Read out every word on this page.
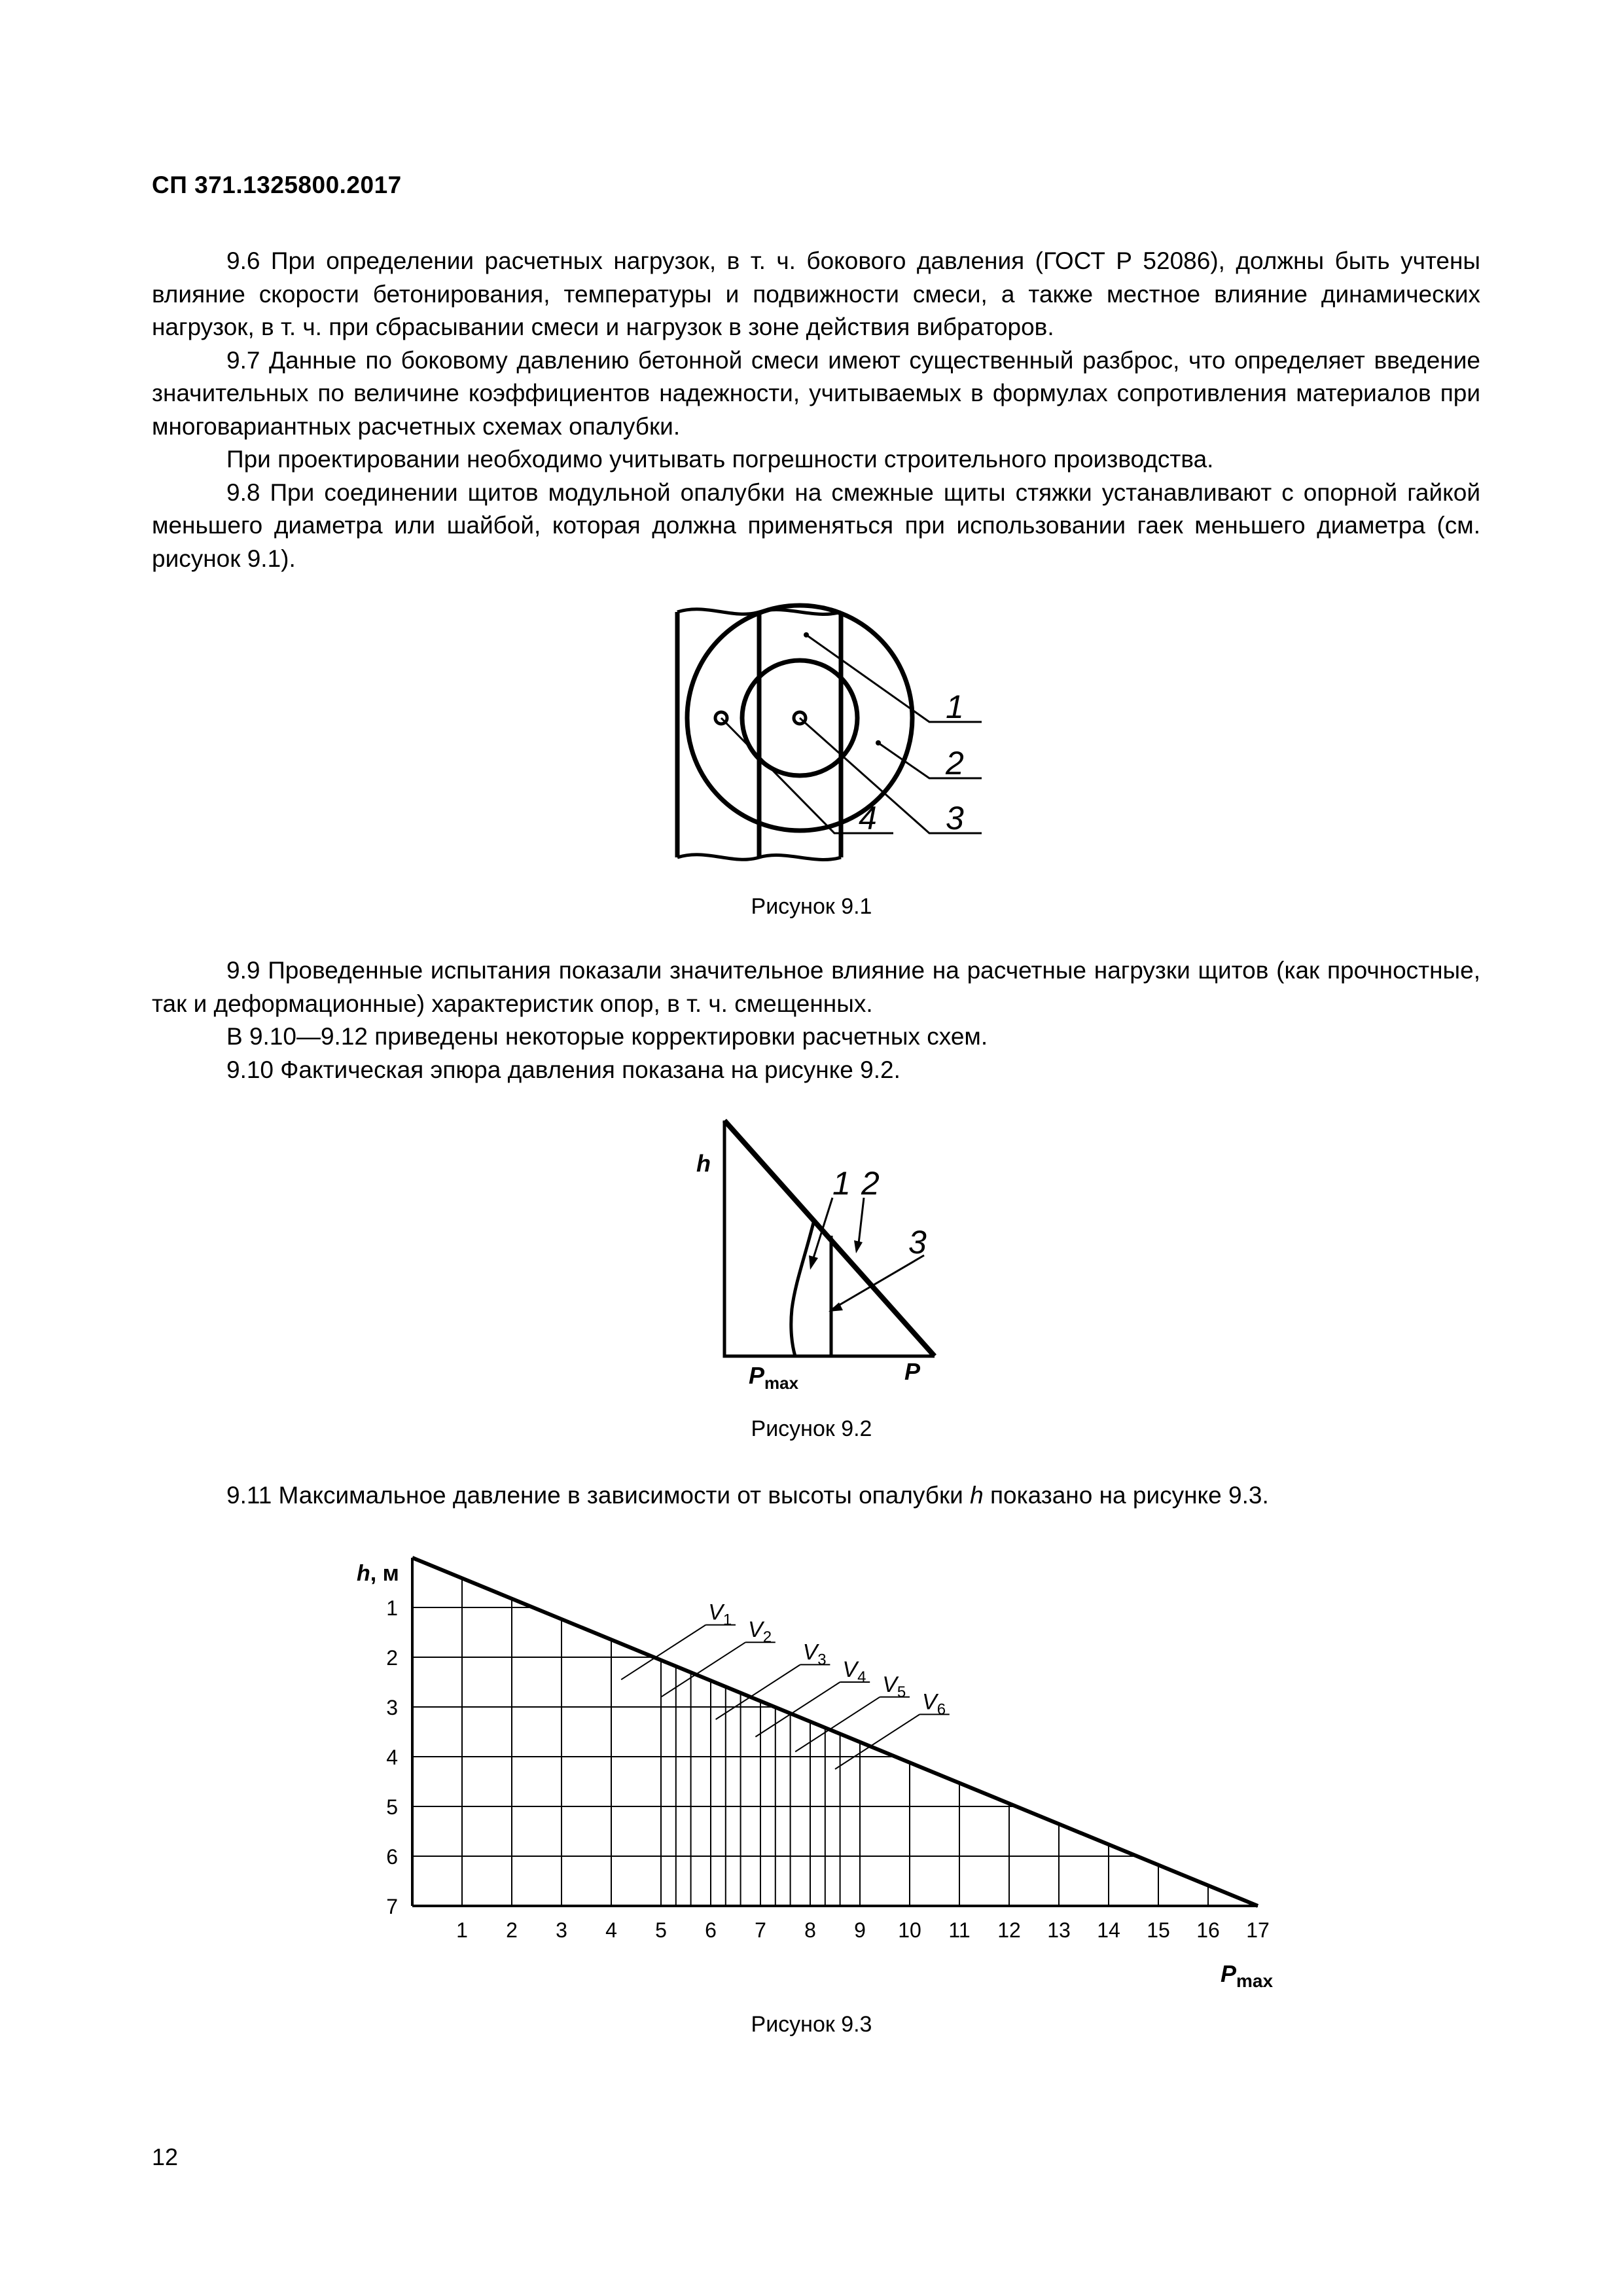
СП 371.1325800.2017

9.6 При определении расчетных нагрузок, в т. ч. бокового давления (ГОСТ Р 52086), должны быть учтены влияние скорости бетонирования, температуры и подвижности смеси, а также местное влияние динамических нагрузок, в т. ч. при сбрасывании смеси и нагрузок в зоне действия вибраторов.

9.7 Данные по боковому давлению бетонной смеси имеют существенный разброс, что определяет введение значительных по величине коэффициентов надежности, учитываемых в формулах сопротивления материалов при многовариантных расчетных схемах опалубки.

При проектировании необходимо учитывать погрешности строительного производства.

9.8 При соединении щитов модульной опалубки на смежные щиты стяжки устанавливают с опорной гайкой меньшего диаметра или шайбой, которая должна применяться при использовании гаек меньшего диаметра (см. рисунок 9.1).

1
2
3
4
Рисунок 9.1

9.9 Проведенные испытания показали значительное влияние на расчетные нагрузки щитов (как прочностные, так и деформационные) характеристик опор, в т. ч. смещенных.

В 9.10—9.12 приведены некоторые корректировки расчетных схем.

9.10 Фактическая эпюра давления показана на рисунке 9.2.

h
1 2
3
$P_{max}$	P
Рисунок 9.2

9.11 Максимальное давление в зависимости от высоты опалубки h показано на рисунке 9.3.

h, м
1
2
3
4
5
6
7
1 2 3 4 5 6 7 8 9 10 11 12 13 14 15 16 17
$V_1$ $V_2$
$V_3$ $V_4$ $V_5$ $V_6$
$P_{max}$
Рисунок 9.3
12
